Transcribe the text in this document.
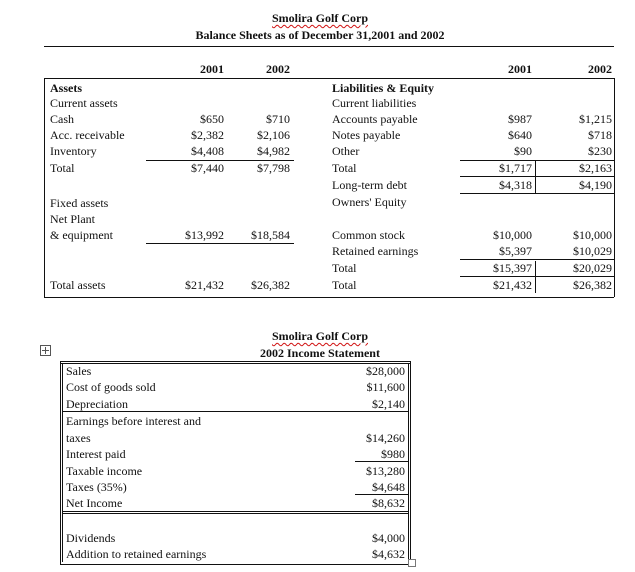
Smolira Golf Corp
Balance Sheets as of December 31,2001 and 2002
2001	2002	2001	2002
Assets
Current assets
Cash	$650	$710
Acc. receivable	$2,382	$2,106
Inventory	$4,408	$4,982
Total	$7,440	$7,798
Fixed assets
Net Plant
& equipment	$13,992	$18,584
Total assets	$21,432	$26,382
Liabilities & Equity
Current liabilities
Accounts payable	$987	$1,215
Notes payable	$640	$718
Other	$90	$230
Total	$1,717	$2,163
Long-term debt	$4,318	$4,190
Owners' Equity
Common stock	$10,000	$10,000
Retained earnings	$5,397	$10,029
Total	$15,397	$20,029
Total	$21,432	$26,382
Smolira Golf Corp
2002 Income Statement
Sales	$28,000
Cost of goods sold	$11,600
Depreciation	$2,140
Earnings before interest and
taxes	$14,260
Interest paid	$980
Taxable income	$13,280
Taxes (35%)	$4,648
Net Income	$8,632
Dividends	$4,000
Addition to retained earnings	$4,632
